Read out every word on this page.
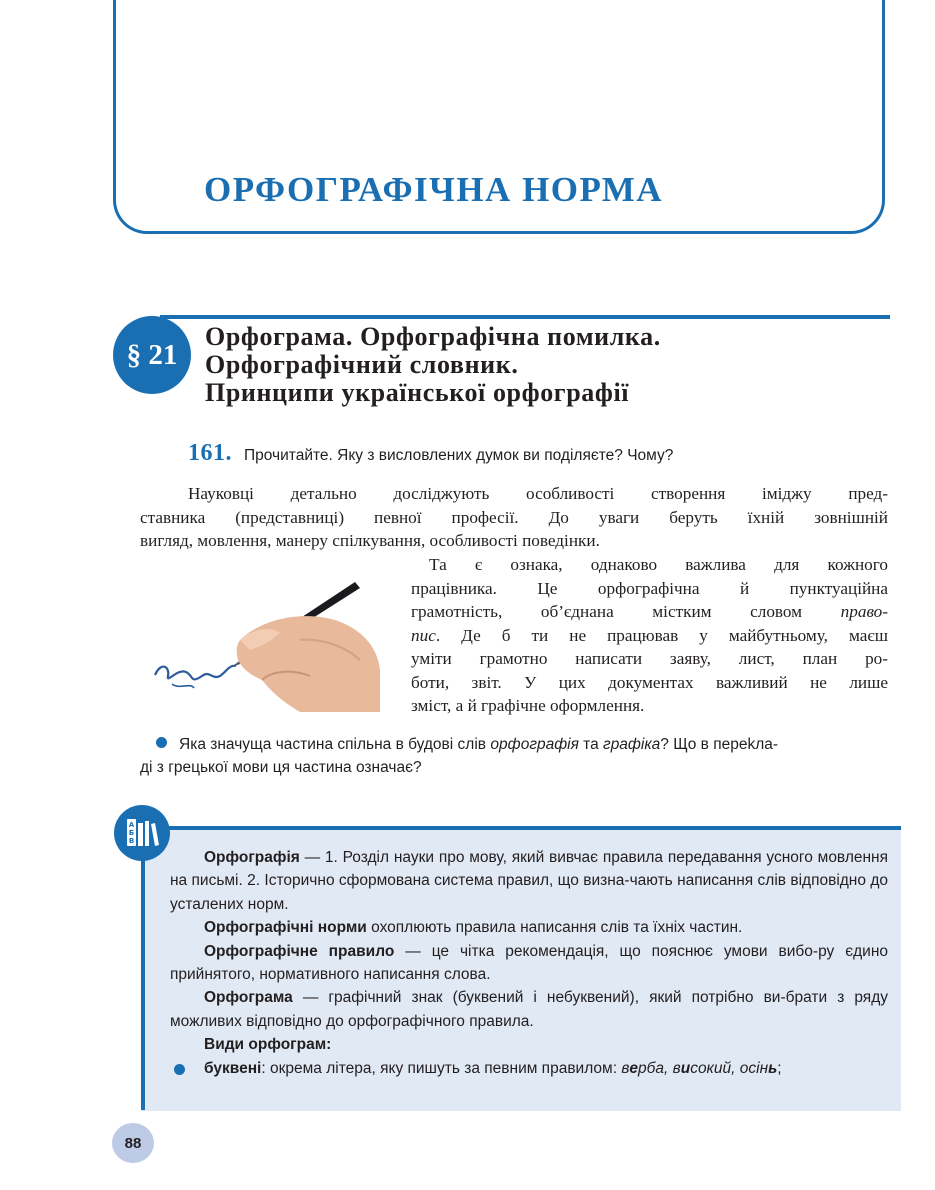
ОРФОГРАФІЧНА НОРМА
§ 21
Орфограма. Орфографічна помилка.
Орфографічний словник.
Принципи української орфографії
161. Прочитайте. Яку з висловлених думок ви поділяєте? Чому?
Науковці детально досліджують особливості створення іміджу пред-
ставника (представниці) певної професії. До уваги беруть їхній зовнішній
вигляд, мовлення, манеру спілкування, особливості поведінки.
Та є ознака, однаково важлива для кожного
працівника. Це орфографічна й пунктуаційна
грамотність, об’єднана містким словом право-
пис. Де б ти не працював у майбутньому, маєш
уміти грамотно написати заяву, лист, план ро-
боти, звіт. У цих документах важливий не лише
зміст, а й графічне оформлення.
Яка значуща частина спільна в будові слів орфографія та графіка? Що в переkла-
ді з грецької мови ця частина означає?
А
Б
В

Орфографія — 1. Розділ науки про мову, який вивчає правила передавання усного мовлення на письмі. 2. Історично сформована система правил, що визна-чають написання слів відповідно до усталених норм.

Орфографічні норми охоплюють правила написання слів та їхніх частин.

Орфографічне правило — це чітка рекомендація, що пояснює умови вибо-ру єдино прийнятого, нормативного написання слова.

Орфограма — графічний знак (буквений і небуквений), який потрібно ви-брати з ряду можливих відповідно до орфографічного правила.

Види орфограм:

буквені: окрема літера, яку пишуть за певним правилом: верба, високий, осінь;

88
